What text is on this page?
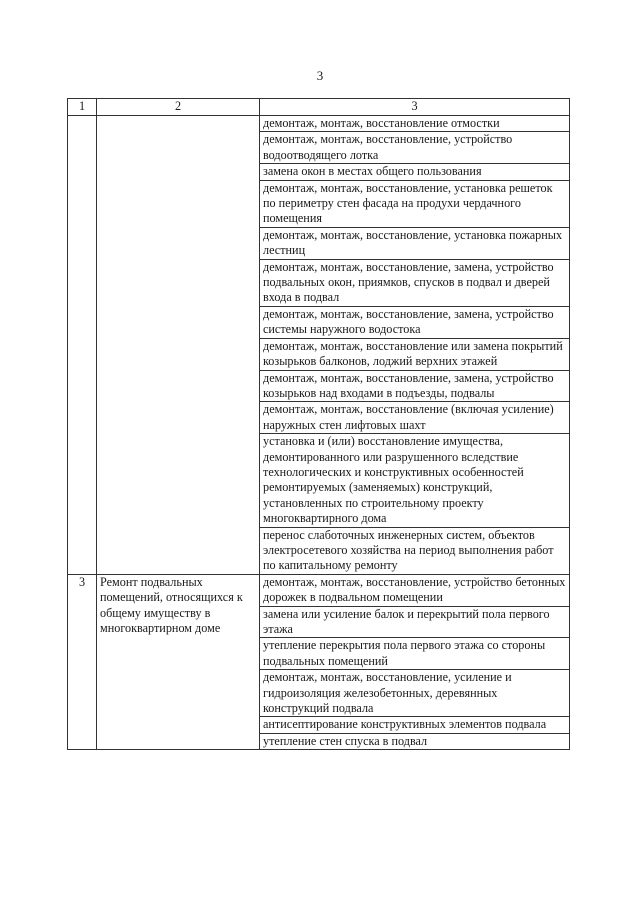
3
1	2	3
		демонтаж, монтаж, восстановление отмостки
		демонтаж, монтаж, восстановление, устройство водоотводящего лотка
		замена окон в местах общего пользования
		демонтаж, монтаж, восстановление, установка решеток по периметру стен фасада на продухи чердачного помещения
		демонтаж, монтаж, восстановление, установка пожарных лестниц
		демонтаж, монтаж, восстановление, замена, устройство подвальных окон, приямков, спусков в подвал и дверей входа в подвал
		демонтаж, монтаж, восстановление, замена, устройство системы наружного водостока
		демонтаж, монтаж, восстановление или замена покрытий козырьков балконов, лоджий верхних этажей
		демонтаж, монтаж, восстановление, замена, устройство козырьков над входами в подъезды, подвалы
		демонтаж, монтаж, восстановление (включая усиление) наружных стен лифтовых шахт
		установка и (или) восстановление имущества, демонтированного или разрушенного вследствие технологических и конструктивных особенностей ремонтируемых (заменяемых) конструкций, установленных по строительному проекту многоквартирного дома
		перенос слаботочных инженерных систем, объектов электросетевого хозяйства на период выполнения работ по капитальному ремонту
3	Ремонт подвальных помещений, относящихся к общему имуществу в многоквартирном доме	демонтаж, монтаж, восстановление, устройство бетонных дорожек в подвальном помещении
		замена или усиление балок и перекрытий пола первого этажа
		утепление перекрытия пола первого этажа со стороны подвальных помещений
		демонтаж, монтаж, восстановление, усиление и гидроизоляция железобетонных, деревянных конструкций подвала
		антисептирование конструктивных элементов подвала
		утепление стен спуска в подвал
